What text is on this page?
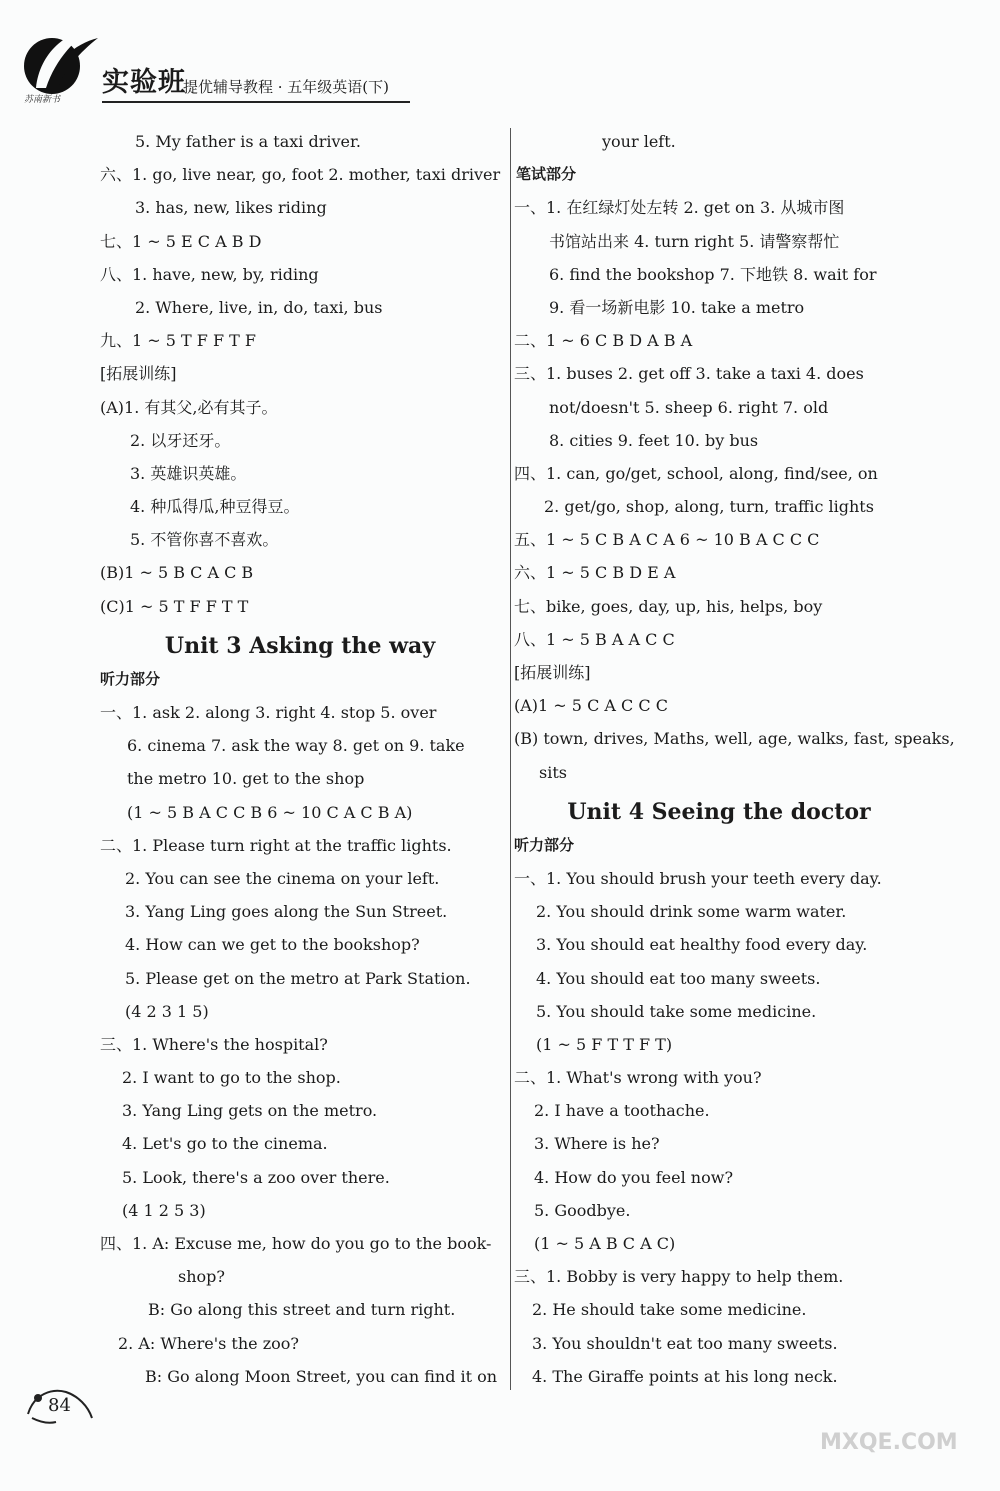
苏南新书
实验班
提优辅导教程 · 五年级英语(下)
5. My father is a taxi driver.
六、1. go, live near, go, foot 2. mother, taxi driver
3. has, new, likes riding
七、1 ~ 5 E C A B D
八、1. have, new, by, riding
2. Where, live, in, do, taxi, bus
九、1 ~ 5 T F F T F
[拓展训练]
(A)1. 有其父,必有其子。
2. 以牙还牙。
3. 英雄识英雄。
4. 种瓜得瓜,种豆得豆。
5. 不管你喜不喜欢。
(B)1 ~ 5 B C A C B
(C)1 ~ 5 T F F T T
Unit 3 Asking the way
听力部分
一、1. ask 2. along 3. right 4. stop 5. over
6. cinema 7. ask the way 8. get on 9. take
the metro 10. get to the shop
(1 ~ 5 B A C C B 6 ~ 10 C A C B A)
二、1. Please turn right at the traffic lights.
2. You can see the cinema on your left.
3. Yang Ling goes along the Sun Street.
4. How can we get to the bookshop?
5. Please get on the metro at Park Station.
(4 2 3 1 5)
三、1. Where's the hospital?
2. I want to go to the shop.
3. Yang Ling gets on the metro.
4. Let's go to the cinema.
5. Look, there's a zoo over there.
(4 1 2 5 3)
四、1. A: Excuse me, how do you go to the book-
shop?
B: Go along this street and turn right.
2. A: Where's the zoo?
B: Go along Moon Street, you can find it on
your left.
笔试部分
一、1. 在红绿灯处左转 2. get on 3. 从城市图
书馆站出来 4. turn right 5. 请警察帮忙
6. find the bookshop 7. 下地铁 8. wait for
9. 看一场新电影 10. take a metro
二、1 ~ 6 C B D A B A
三、1. buses 2. get off 3. take a taxi 4. does
not/doesn't 5. sheep 6. right 7. old
8. cities 9. feet 10. by bus
四、1. can, go/get, school, along, find/see, on
2. get/go, shop, along, turn, traffic lights
五、1 ~ 5 C B A C A 6 ~ 10 B A C C C
六、1 ~ 5 C B D E A
七、bike, goes, day, up, his, helps, boy
八、1 ~ 5 B A A C C
[拓展训练]
(A)1 ~ 5 C A C C C
(B) town, drives, Maths, well, age, walks, fast, speaks,
sits
Unit 4 Seeing the doctor
听力部分
一、1. You should brush your teeth every day.
2. You should drink some warm water.
3. You should eat healthy food every day.
4. You should eat too many sweets.
5. You should take some medicine.
(1 ~ 5 F T T F T)
二、1. What's wrong with you?
2. I have a toothache.
3. Where is he?
4. How do you feel now?
5. Goodbye.
(1 ~ 5 A B C A C)
三、1. Bobby is very happy to help them.
2. He should take some medicine.
3. You shouldn't eat too many sweets.
4. The Giraffe points at his long neck.
84
MXQE.COM
